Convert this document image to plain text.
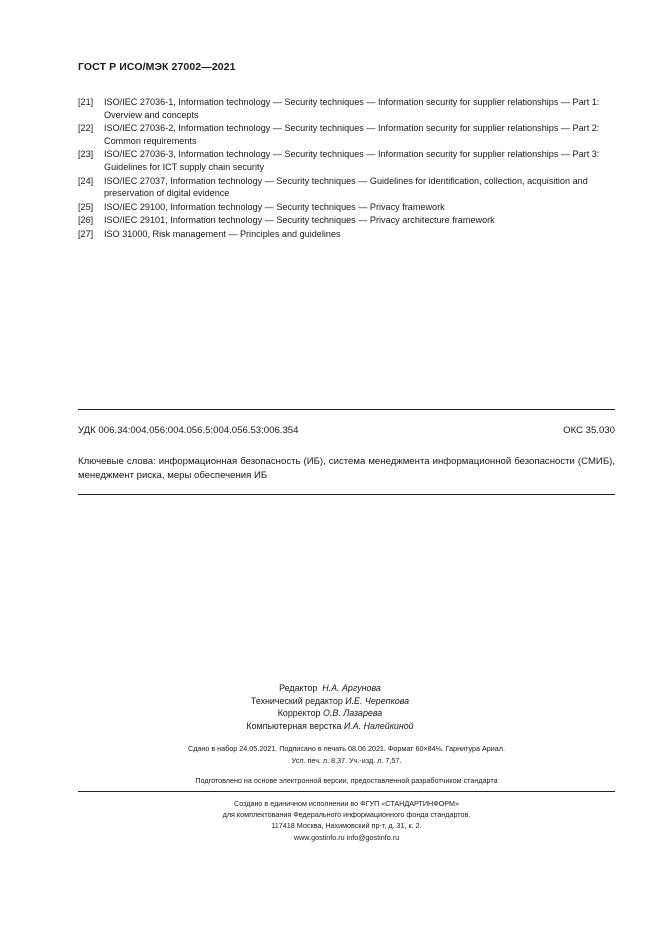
ГОСТ Р ИСО/МЭК 27002—2021
[21]	ISO/IEC 27036-1, Information technology — Security techniques — Information security for supplier relationships — Part 1: Overview and concepts
[22]	ISO/IEC 27036-2, Information technology — Security techniques — Information security for supplier relationships — Part 2: Common requirements
[23]	ISO/IEC 27036-3, Information technology — Security techniques — Information security for supplier relationships — Part 3: Guidelines for ICT supply chain security
[24]	ISO/IEC 27037, Information technology — Security techniques — Guidelines for identification, collection, acquisition and preservation of digital evidence
[25]	ISO/IEC 29100, Information technology — Security techniques — Privacy framework
[26]	ISO/IEC 29101, Information technology — Security techniques — Privacy architecture framework
[27]	ISO 31000, Risk management — Principles and guidelines
УДК 006.34:004.056:004.056.5:004.056.53:006.354	ОКС 35.030
Ключевые слова: информационная безопасность (ИБ), система менеджмента информационной безопасности (СМИБ), менеджмент риска, меры обеспечения ИБ
Редактор Н.А. Аргунова
Технический редактор И.Е. Черепкова
Корректор О.В. Лазарева
Компьютерная верстка И.А. Налейкиной
Сдано в набор 24.05.2021. Подписано в печать 08.06.2021. Формат 60×84⅛. Гарнитура Ариал.
Усл. печ. л. 8,37. Уч.-изд. л. 7,57.
Подготовлено на основе электронной версии, предоставленной разработчиком стандарта
Создано в единичном исполнении во ФГУП «СТАНДАРТИНФОРМ»
для комплектования Федерального информационного фонда стандартов.
117418 Москва, Нахимовский пр-т, д. 31, к. 2.
www.gostinfo.ru info@gostinfo.ru
